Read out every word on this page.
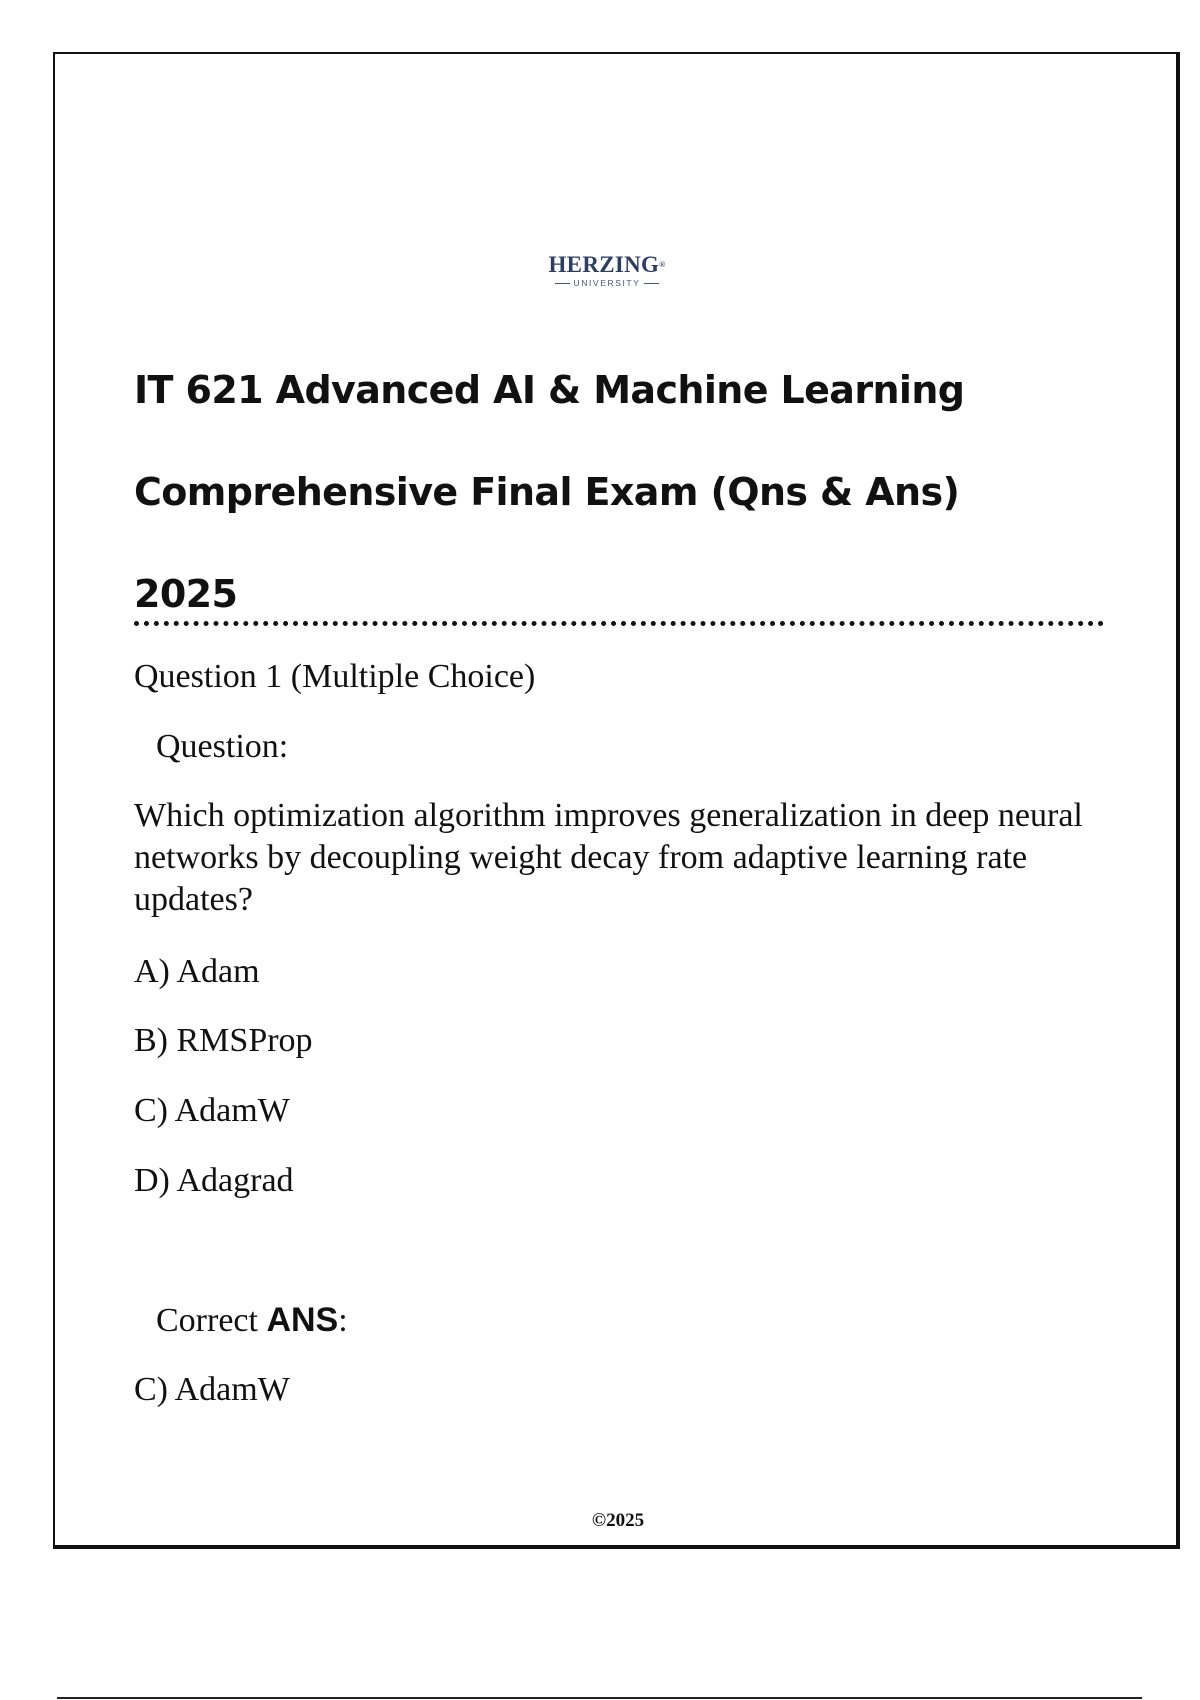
HERZING®
UNIVERSITY
IT 621 Advanced AI & Machine Learning
Comprehensive Final Exam (Qns & Ans)
2025
Question 1 (Multiple Choice)
Question:
Which optimization algorithm improves generalization in deep neural networks by decoupling weight decay from adaptive learning rate updates?
A) Adam
B) RMSProp
C) AdamW
D) Adagrad
Correct ANS:
C) AdamW
©2025
